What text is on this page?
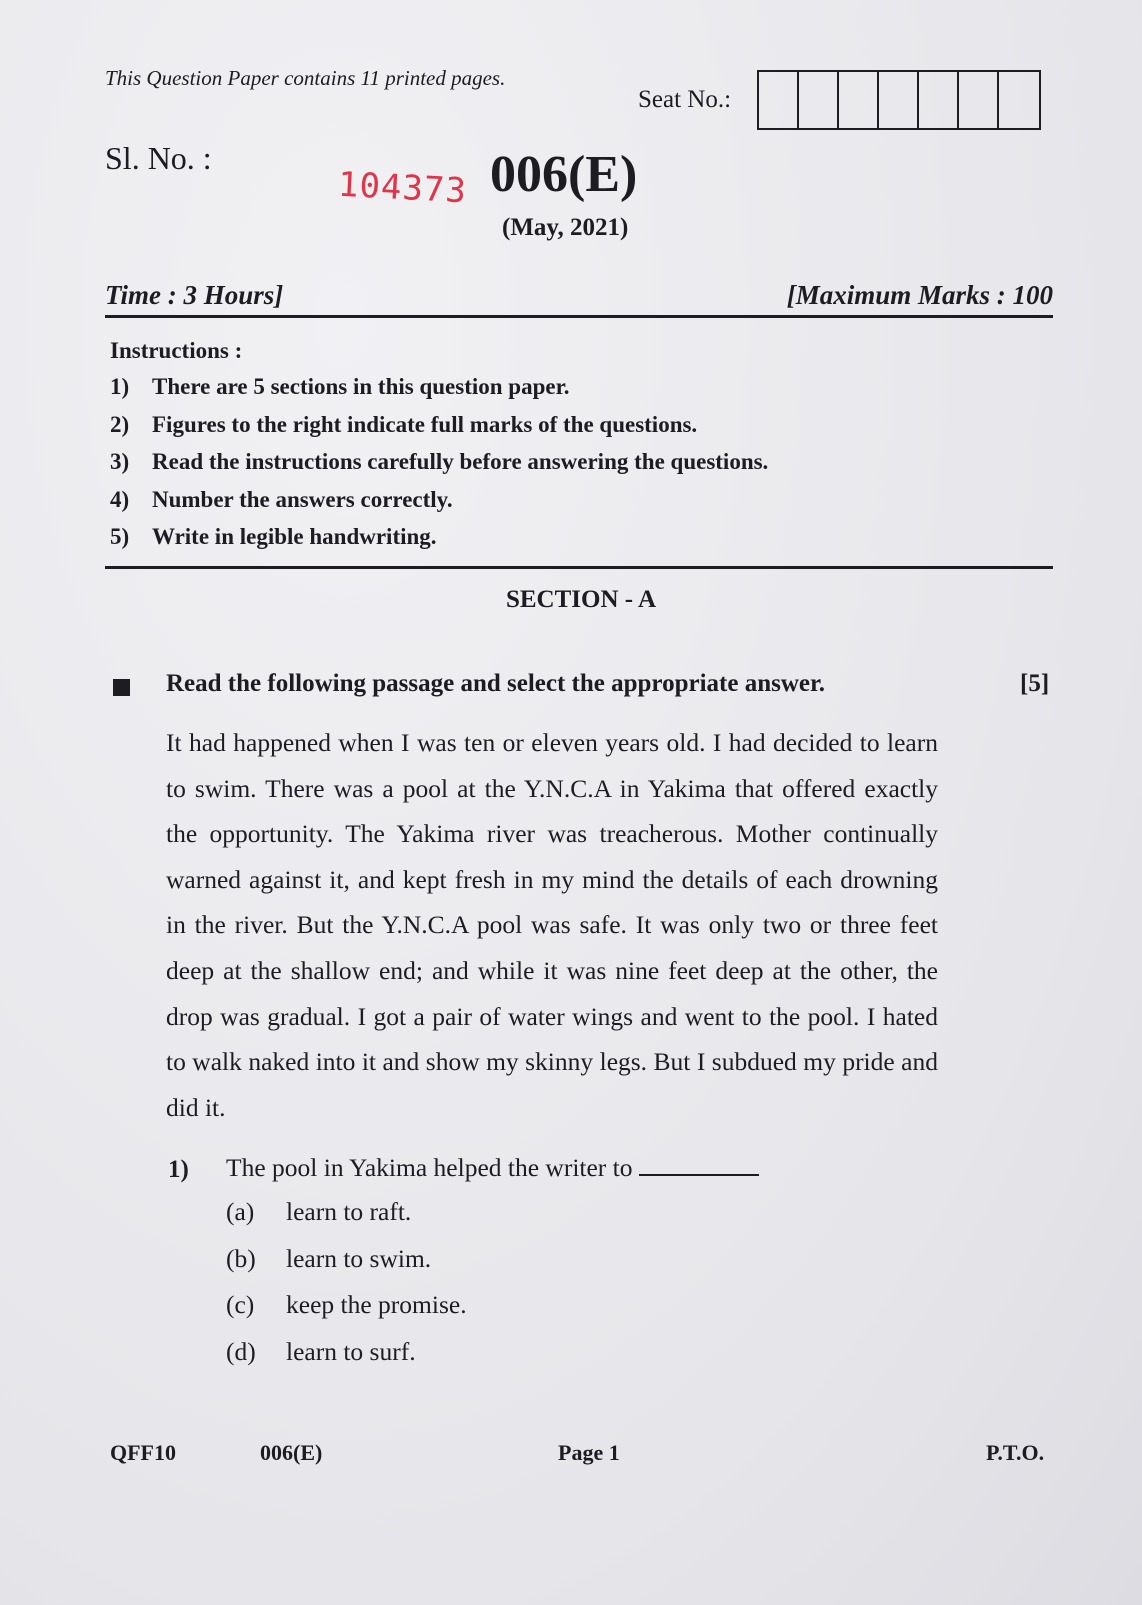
This Question Paper contains 11 printed pages.
Seat No.:
Sl. No. :
104373 006(E)
(May, 2021)
Time : 3 Hours]	[Maximum Marks : 100
Instructions :
1) There are 5 sections in this question paper.
2) Figures to the right indicate full marks of the questions.
3) Read the instructions carefully before answering the questions.
4) Number the answers correctly.
5) Write in legible handwriting.
SECTION - A
Read the following passage and select the appropriate answer.	[5]
It had happened when I was ten or eleven years old. I had decided to learn to swim. There was a pool at the Y.N.C.A in Yakima that offered exactly the opportunity. The Yakima river was treacherous. Mother continually warned against it, and kept fresh in my mind the details of each drowning in the river. But the Y.N.C.A pool was safe. It was only two or three feet deep at the shallow end; and while it was nine feet deep at the other, the drop was gradual. I got a pair of water wings and went to the pool. I hated to walk naked into it and show my skinny legs. But I subdued my pride and did it.
1) The pool in Yakima helped the writer to
(a)	learn to raft.
(b)	learn to swim.
(c)	keep the promise.
(d)	learn to surf.
QFF10	006(E)	Page 1	P.T.O.
